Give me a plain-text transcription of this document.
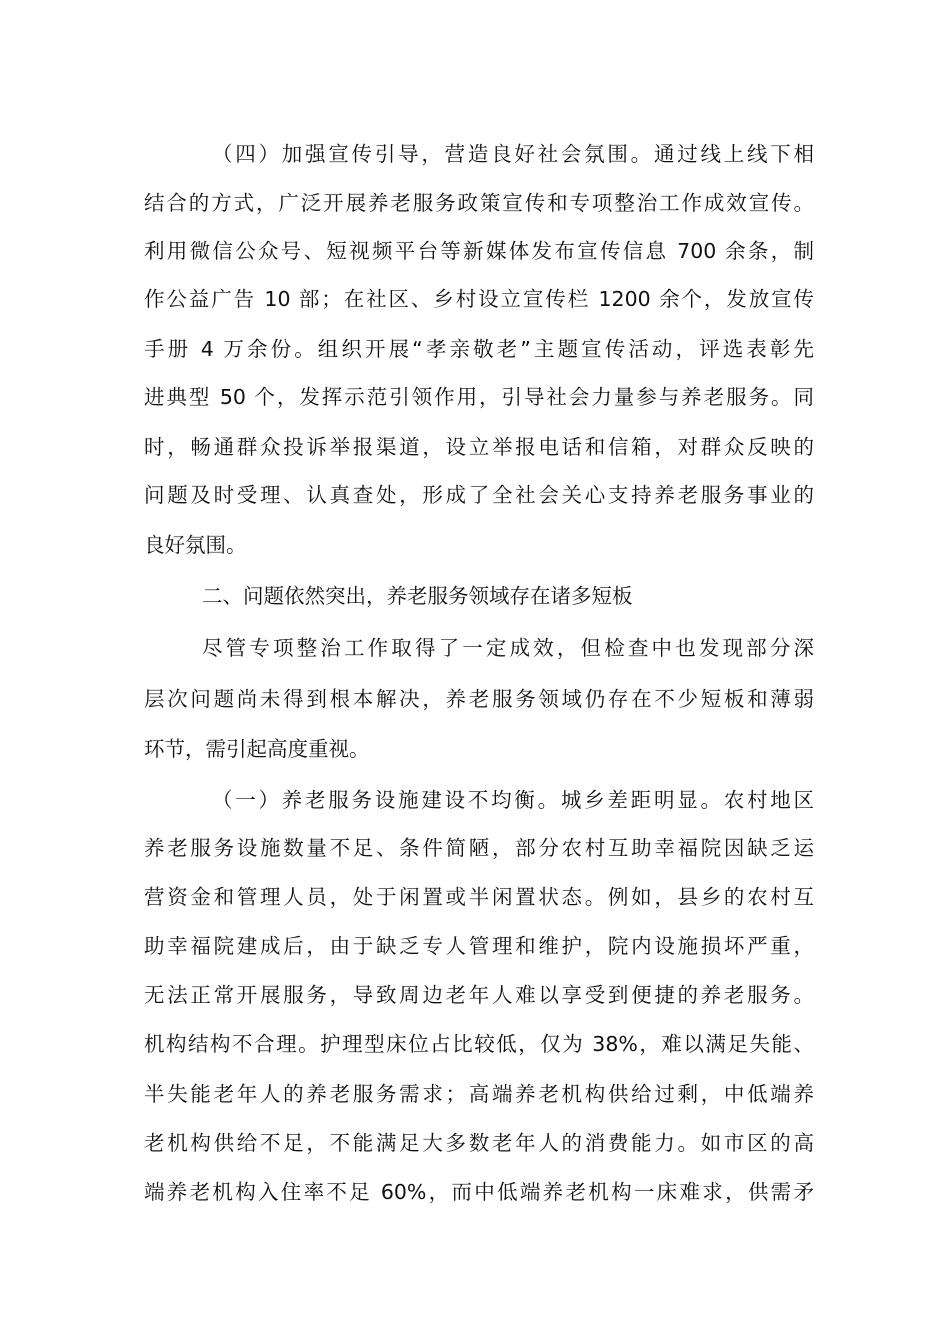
（四）加强宣传引导，营造良好社会氛围。通过线上线下相
结合的方式，广泛开展养老服务政策宣传和专项整治工作成效宣传。
利用微信公众号、短视频平台等新媒体发布宣传信息 700 余条，制
作公益广告 10 部；在社区、乡村设立宣传栏 1200 余个，发放宣传
手册 4 万余份。组织开展“孝亲敬老”主题宣传活动，评选表彰先
进典型 50 个，发挥示范引领作用，引导社会力量参与养老服务。同
时，畅通群众投诉举报渠道，设立举报电话和信箱，对群众反映的
问题及时受理、认真查处，形成了全社会关心支持养老服务事业的
良好氛围。
二、问题依然突出，养老服务领域存在诸多短板
尽管专项整治工作取得了一定成效，但检查中也发现部分深
层次问题尚未得到根本解决，养老服务领域仍存在不少短板和薄弱
环节，需引起高度重视。
（一）养老服务设施建设不均衡。城乡差距明显。农村地区
养老服务设施数量不足、条件简陋，部分农村互助幸福院因缺乏运
营资金和管理人员，处于闲置或半闲置状态。例如，县乡的农村互
助幸福院建成后，由于缺乏专人管理和维护，院内设施损坏严重，
无法正常开展服务，导致周边老年人难以享受到便捷的养老服务。
机构结构不合理。护理型床位占比较低，仅为 38%，难以满足失能、
半失能老年人的养老服务需求；高端养老机构供给过剩，中低端养
老机构供给不足，不能满足大多数老年人的消费能力。如市区的高
端养老机构入住率不足 60%，而中低端养老机构一床难求，供需矛
